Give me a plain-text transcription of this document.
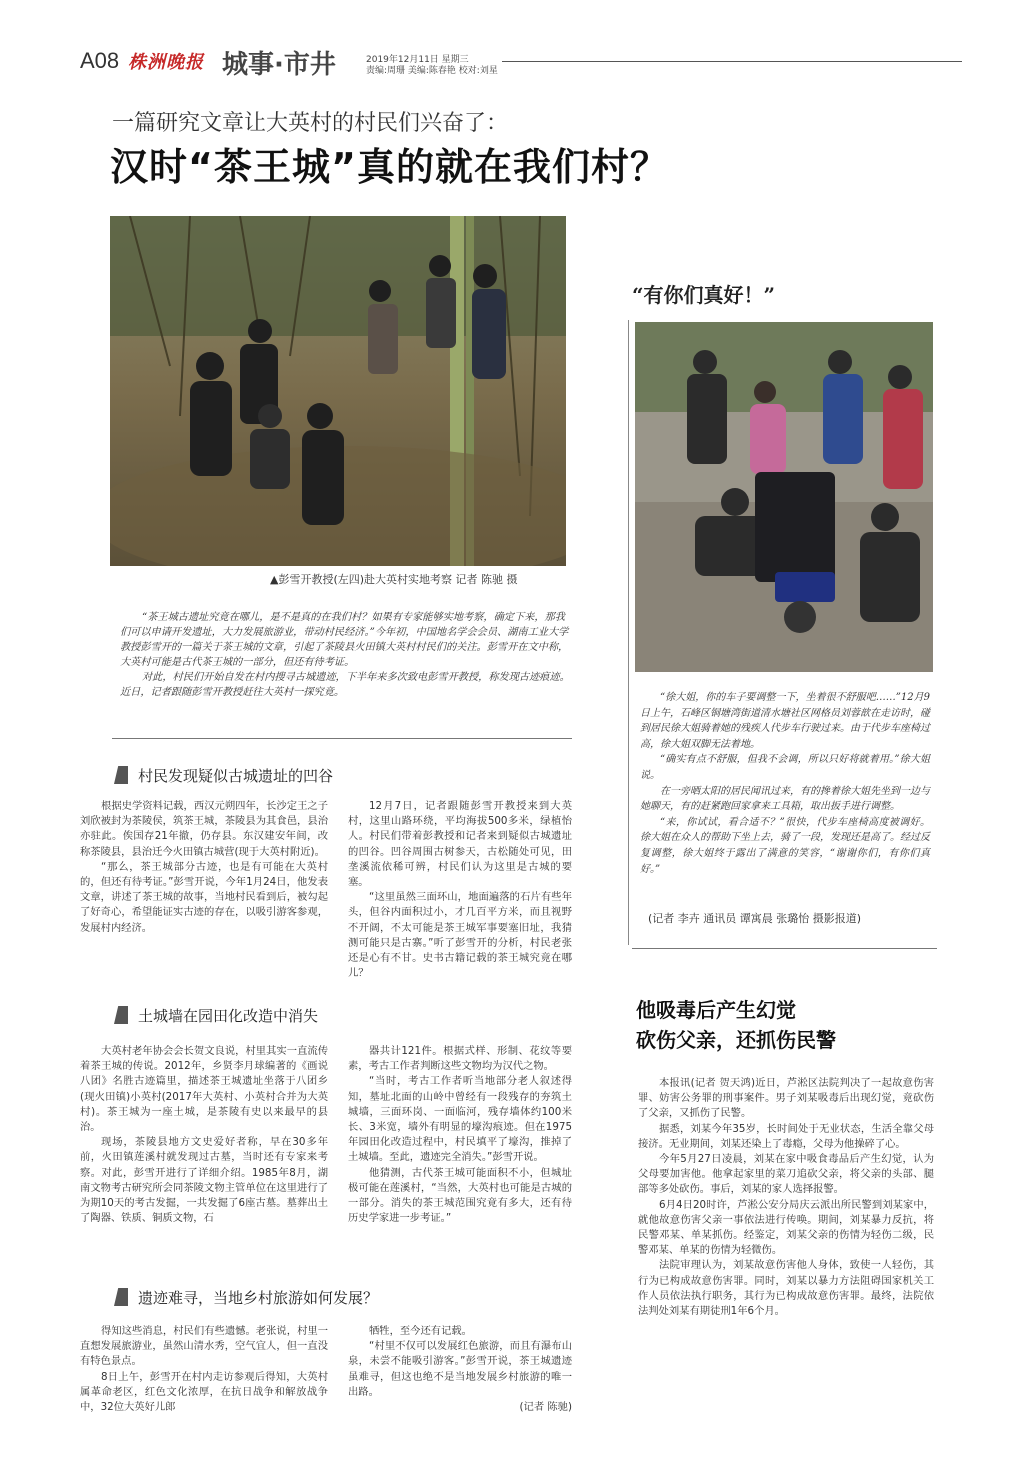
A08 株洲晚报 城事·市井	2019年12月11日 星期三
责编:周珊 美编:陈春艳 校对:刘星
一篇研究文章让大英村的村民们兴奋了：
汉时“茶王城”真的就在我们村？
▲彭雪开教授(左四)赴大英村实地考察 记者 陈驰 摄

“茶王城古遗址究竟在哪儿，是不是真的在我们村？如果有专家能够实地考察，确定下来，那我们可以申请开发遗址，大力发展旅游业，带动村民经济。”今年初，中国地名学会会员、湖南工业大学教授彭雪开的一篇关于茶王城的文章，引起了茶陵县火田镇大英村村民们的关注。彭雪开在文中称，大英村可能是古代茶王城的一部分，但还有待考证。

对此，村民们开始自发在村内搜寻古城遗迹，下半年来多次致电彭雪开教授，称发现古迹痕迹。近日，记者跟随彭雪开教授赶往大英村一探究竟。

村民发现疑似古城遗址的凹谷

根据史学资料记载，西汉元朔四年，长沙定王之子刘欣被封为茶陵侯，筑茶王城，茶陵县为其食邑，县治亦驻此。俟国存21年撤，仍存县。东汉建安年间，改称茶陵县，县治迁今火田镇古城营(现于大英村附近)。

“那么，茶王城部分古迹，也是有可能在大英村的，但还有待考证。”彭雪开说，今年1月24日，他发表文章，讲述了茶王城的故事，当地村民看到后，被勾起了好奇心，希望能证实古迹的存在，以吸引游客参观，发展村内经济。

12月7日，记者跟随彭雪开教授来到大英村，这里山路环绕，平均海拔500多米，绿植怡人。村民们带着彭教授和记者来到疑似古城遗址的凹谷。凹谷周围古树参天，古松随处可见，田垄溪流依稀可辨，村民们认为这里是古城的要塞。

“这里虽然三面环山，地面遍落的石片有些年头，但谷内面积过小，才几百平方米，而且视野不开阔，不太可能是茶王城军事要塞旧址，我猜测可能只是古寨。”听了彭雪开的分析，村民老张还是心有不甘。史书古籍记载的茶王城究竟在哪儿？

土城墙在园田化改造中消失

大英村老年协会会长贺文良说，村里其实一直流传着茶王城的传说。2012年，乡贤李月球编著的《画说八团》名胜古迹篇里，描述茶王城遗址坐落于八团乡(现火田镇)小英村(2017年大英村、小英村合并为大英村)。茶王城为一座土城，是茶陵有史以来最早的县治。

现场，茶陵县地方文史爱好者称，早在30多年前，火田镇莲溪村就发现过古墓，当时还有专家来考察。对此，彭雪开进行了详细介绍。1985年8月，湖南文物考古研究所会同茶陵文物主管单位在这里进行了为期10天的考古发掘，一共发掘了6座古墓。墓葬出土了陶器、铁质、铜质文物，石

器共计121件。根据式样、形制、花纹等要素，考古工作者判断这些文物均为汉代之物。

“当时，考古工作者听当地部分老人叙述得知，墓址北面的山岭中曾经有一段残存的夯筑土城墙，三面环岗、一面临河，残存墙体约100米长、3米宽，墙外有明显的壕沟痕迹。但在1975年园田化改造过程中，村民填平了壕沟，推掉了土城墙。至此，遗迹完全消失。”彭雪开说。

他猜测，古代茶王城可能面积不小，但城址极可能在莲溪村，“当然，大英村也可能是古城的一部分。消失的茶王城范围究竟有多大，还有待历史学家进一步考证。”

遗迹难寻，当地乡村旅游如何发展？

得知这些消息，村民们有些遗憾。老张说，村里一直想发展旅游业，虽然山清水秀，空气宜人，但一直没有特色景点。

8日上午，彭雪开在村内走访参观后得知，大英村属革命老区，红色文化浓厚，在抗日战争和解放战争中，32位大英好儿郎

牺牲，至今还有记载。

“村里不仅可以发展红色旅游，而且有瀑布山泉，未尝不能吸引游客。”彭雪开说，茶王城遗迹虽难寻，但这也绝不是当地发展乡村旅游的唯一出路。

(记者 陈驰)

“有你们真好！”

“徐大姐，你的车子要调整一下，坐着很不舒服吧……”12月9日上午，石峰区铜塘湾街道清水塘社区网格员刘蓉歆在走访时，碰到居民徐大姐骑着她的残疾人代步车行驶过来。由于代步车座椅过高，徐大姐双脚无法着地。

“确实有点不舒服，但我不会调，所以只好将就着用。”徐大姐说。

在一旁晒太阳的居民闻讯过来，有的搀着徐大姐先坐到一边与她聊天，有的赶紧跑回家拿来工具箱，取出扳手进行调整。

“来，你试试，看合适不？”很快，代步车座椅高度被调好。徐大姐在众人的帮助下坐上去，骑了一段，发现还是高了。经过反复调整，徐大姐终于露出了满意的笑容，“谢谢你们，有你们真好。”

(记者 李卉 通讯员 谭寓晨 张璐怡 摄影报道)
他吸毒后产生幻觉
砍伤父亲，还抓伤民警

本报讯(记者 贺天鸿)近日，芦淞区法院判决了一起故意伤害罪、妨害公务罪的刑事案件。男子刘某吸毒后出现幻觉，竟砍伤了父亲，又抓伤了民警。

据悉，刘某今年35岁，长时间处于无业状态，生活全靠父母接济。无业期间，刘某还染上了毒瘾，父母为他操碎了心。

今年5月27日凌晨，刘某在家中吸食毒品后产生幻觉，认为父母要加害他。他拿起家里的菜刀追砍父亲，将父亲的头部、腿部等多处砍伤。事后，刘某的家人选择报警。

6月4日20时许，芦淞公安分局庆云派出所民警到刘某家中，就他故意伤害父亲一事依法进行传唤。期间，刘某暴力反抗，将民警邓某、单某抓伤。经鉴定，刘某父亲的伤情为轻伤二级，民警邓某、单某的伤情为轻微伤。

法院审理认为，刘某故意伤害他人身体，致使一人轻伤，其行为已构成故意伤害罪。同时，刘某以暴力方法阻碍国家机关工作人员依法执行职务，其行为已构成故意伤害罪。最终，法院依法判处刘某有期徒刑1年6个月。
